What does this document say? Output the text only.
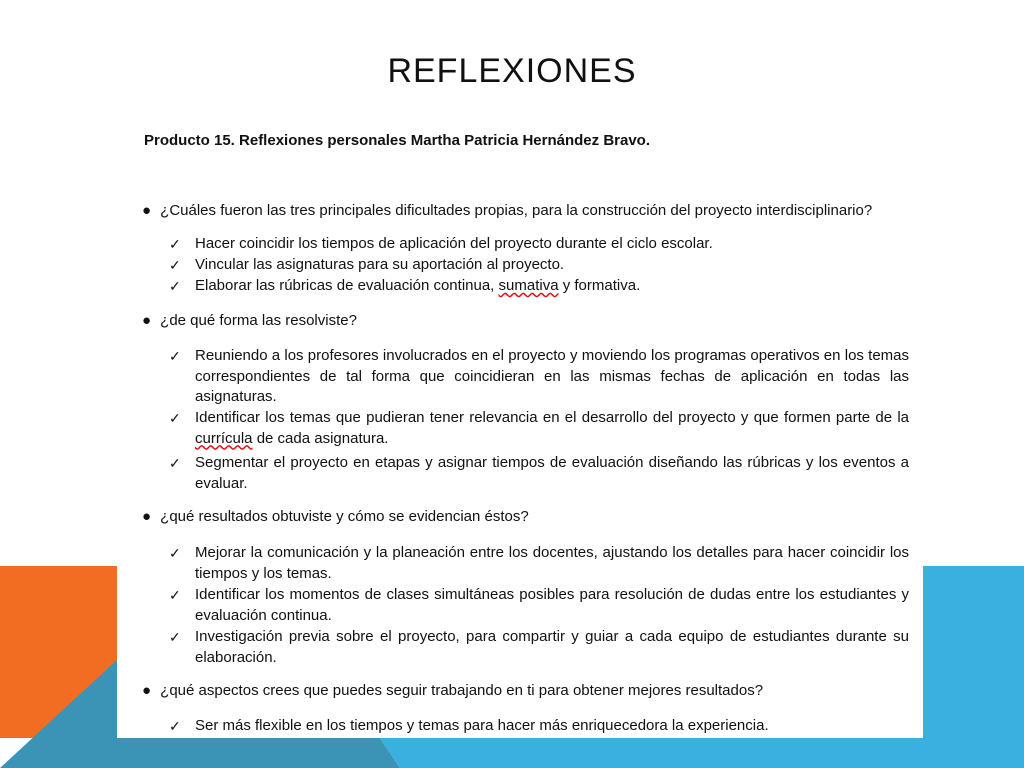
REFLEXIONES
Producto 15. Reflexiones personales Martha Patricia Hernández Bravo.
● ¿Cuáles fueron las tres principales dificultades propias, para la construcción del proyecto interdisciplinario?
✓ Hacer coincidir los tiempos de aplicación del proyecto durante el ciclo escolar.
✓ Vincular las asignaturas para su aportación al proyecto.
✓ Elaborar las rúbricas de evaluación continua, sumativa y formativa.
● ¿de qué forma las resolviste?
✓ Reuniendo a los profesores involucrados en el proyecto y moviendo los programas operativos en los temas correspondientes de tal forma que coincidieran en las mismas fechas de aplicación en todas las asignaturas.
✓ Identificar los temas que pudieran tener relevancia en el desarrollo del proyecto y que formen parte de la currícula de cada asignatura.
✓ Segmentar el proyecto en etapas y asignar tiempos de evaluación diseñando las rúbricas y los eventos a evaluar.
● ¿qué resultados obtuviste y cómo se evidencian éstos?
✓ Mejorar la comunicación y la planeación entre los docentes, ajustando los detalles para hacer coincidir los tiempos y los temas.
✓ Identificar los momentos de clases simultáneas posibles para resolución de dudas entre los estudiantes y evaluación continua.
✓ Investigación previa sobre el proyecto, para compartir y guiar a cada equipo de estudiantes durante su elaboración.
● ¿qué aspectos crees que puedes seguir trabajando en ti para obtener mejores resultados?
✓ Ser más flexible en los tiempos y temas para hacer más enriquecedora la experiencia.
